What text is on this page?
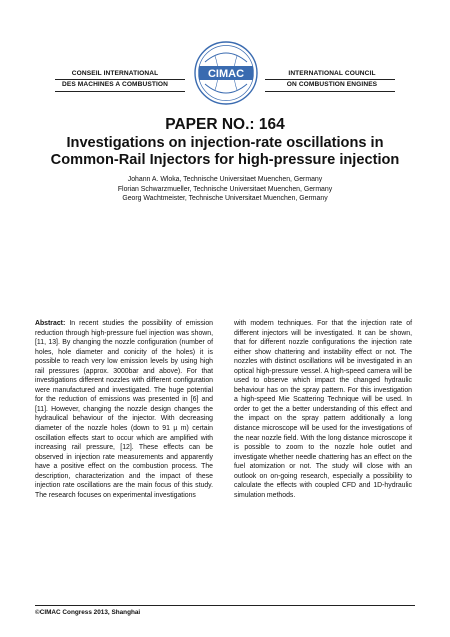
CONSEIL INTERNATIONAL
DES MACHINES A COMBUSTION
CIMAC	INTERNATIONAL COUNCIL
ON COMBUSTION ENGINES
PAPER NO.: 164
Investigations on injection-rate oscillations in
Common-Rail Injectors for high-pressure injection
Johann A. Wloka, Technische Universitaet Muenchen, Germany
Florian Schwarzmueller, Technische Universitaet Muenchen, Germany
Georg Wachtmeister, Technische Universitaet Muenchen, Germany
Abstract: In recent studies the possibility of emission reduction through high-pressure fuel injection was shown, [11, 13]. By changing the nozzle configuration (number of holes, hole diameter and conicity of the holes) it is possible to reach very low emission levels by using high rail pressures (approx. 3000bar and above). For that investigations different nozzles with different configuration were manufactured and investigated. The huge potential for the reduction of emissions was presented in [6] and [11]. However, changing the nozzle design changes the hydraulical behaviour of the injector. With decreasing diameter of the nozzle holes (down to 91 µ m) certain oscillation effects start to occur which are amplified with increasing rail pressure, [12]. These effects can be observed in injection rate measurements and apparently have a positive effect on the combustion process. The description, characterization and the impact of these injection rate oscillations are the main focus of this study. The research focuses on experimental investigations
with modern techniques. For that the injection rate of different injectors will be investigated. It can be shown, that for different nozzle configurations the injection rate either show chattering and instability effect or not. The nozzles with distinct oscillations will be investigated in an optical high-pressure vessel. A high-speed camera will be used to observe which impact the changed hydraulic behaviour has on the spray pattern. For this investigation a high-speed Mie Scattering Technique will be used. In order to get the a better understanding of this effect and the impact on the spray pattern additionally a long distance microscope will be used for the investigations of the near nozzle field. With the long distance microscope it is possible to zoom to the nozzle hole outlet and investigate whether needle chattering has an effect on the fuel atomization or not. The study will close with an outlook on on-going research, especially a possibility to calculate the effects with coupled CFD and 1D-hydraulic simulation methods.
©CIMAC Congress 2013, Shanghai
